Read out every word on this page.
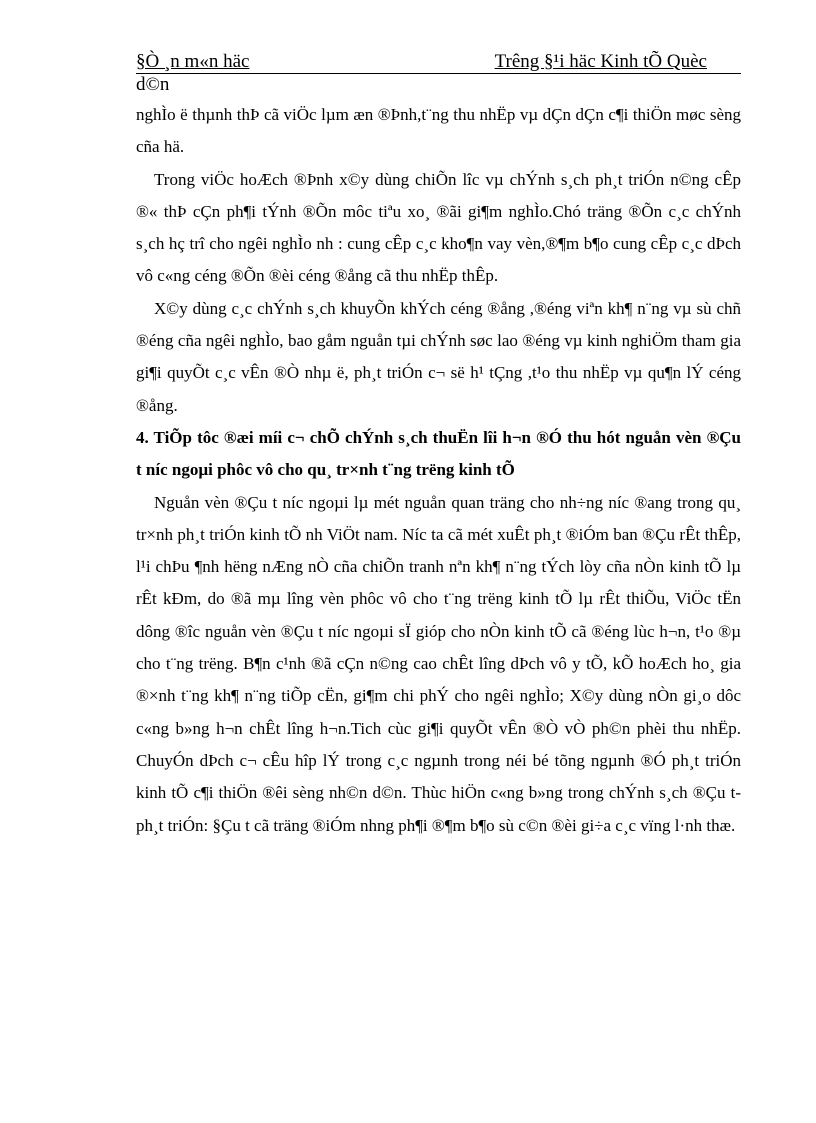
§Ò ¸n m«n häc	Trêng §¹i häc Kinh tÕ Quèc
d©n

nghÌo ë thµnh thÞ cã viÖc lµm æn ®Þnh,t¨ng thu nhËp vµ dÇn dÇn c¶i thiÖn møc sèng cña hä.

Trong viÖc hoÆch ®Þnh x©y dùng chiÕn lîc vµ chÝnh s¸ch ph¸t triÓn n©ng cÊp ®« thÞ cÇn ph¶i tÝnh ®Õn môc tiªu xo¸ ®ãi gi¶m nghÌo.Chó träng ®Õn c¸c chÝnh s¸ch hç trî cho ngêi nghÌo nh : cung cÊp c¸c kho¶n vay vèn,®¶m b¶o cung cÊp c¸c dÞch vô c«ng céng ®Õn ®èi céng ®ång cã thu nhËp thÊp.

X©y dùng c¸c chÝnh s¸ch khuyÕn khÝch céng ®ång ,®éng viªn kh¶ n¨ng vµ sù chñ ®éng cña ngêi nghÌo, bao gåm nguån tµi chÝnh søc lao ®éng vµ kinh nghiÖm tham gia gi¶i quyÕt c¸c vÊn ®Ò nhµ ë, ph¸t triÓn c¬ së h¹ tÇng ,t¹o thu nhËp vµ qu¶n lÝ céng ®ång.

4. TiÕp tôc ®æi míi c¬ chÕ chÝnh s¸ch thuËn lîi h¬n ®Ó thu hót nguån vèn ®Çu t níc ngoµi phôc vô cho qu¸ tr×nh t¨ng trëng kinh tÕ

Nguån vèn ®Çu t níc ngoµi lµ mét nguån quan träng cho nh÷ng níc ®ang trong qu¸ tr×nh ph¸t triÓn kinh tÕ nh ViÖt nam. Níc ta cã mét xuÊt ph¸t ®iÓm ban ®Çu rÊt thÊp, l¹i chÞu ¶nh hëng nÆng nÒ cña chiÕn tranh nªn kh¶ n¨ng tÝch lòy cña nÒn kinh tÕ lµ rÊt kÐm, do ®ã mµ lîng vèn phôc vô cho t¨ng trëng kinh tÕ lµ rÊt thiÕu, ViÖc tËn dông ®îc nguån vèn ®Çu t níc ngoµi sÏ gióp cho nÒn kinh tÕ cã ®éng lùc h¬n, t¹o ®µ cho t¨ng trëng. B¶n c¹nh ®ã cÇn n©ng cao chÊt lîng dÞch vô y tÕ, kÕ hoÆch ho¸ gia ®×nh t¨ng kh¶ n¨ng tiÕp cËn, gi¶m chi phÝ cho ngêi nghÌo; X©y dùng nÒn gi¸o dôc c«ng b»ng h¬n chÊt lîng h¬n.Tich cùc gi¶i quyÕt vÊn ®Ò vÒ ph©n phèi thu nhËp. ChuyÓn dÞch c¬ cÊu hîp lÝ trong c¸c ngµnh trong néi bé tõng ngµnh ®Ó ph¸t triÓn kinh tÕ c¶i thiÖn ®êi sèng nh©n d©n. Thùc hiÖn c«ng b»ng trong chÝnh s¸ch ®Çu t ph¸t triÓn: §Çu t cã träng ®iÓm nhng ph¶i ®¶m b¶o sù c©n ®èi gi÷a c¸c vïng l·nh thæ.
